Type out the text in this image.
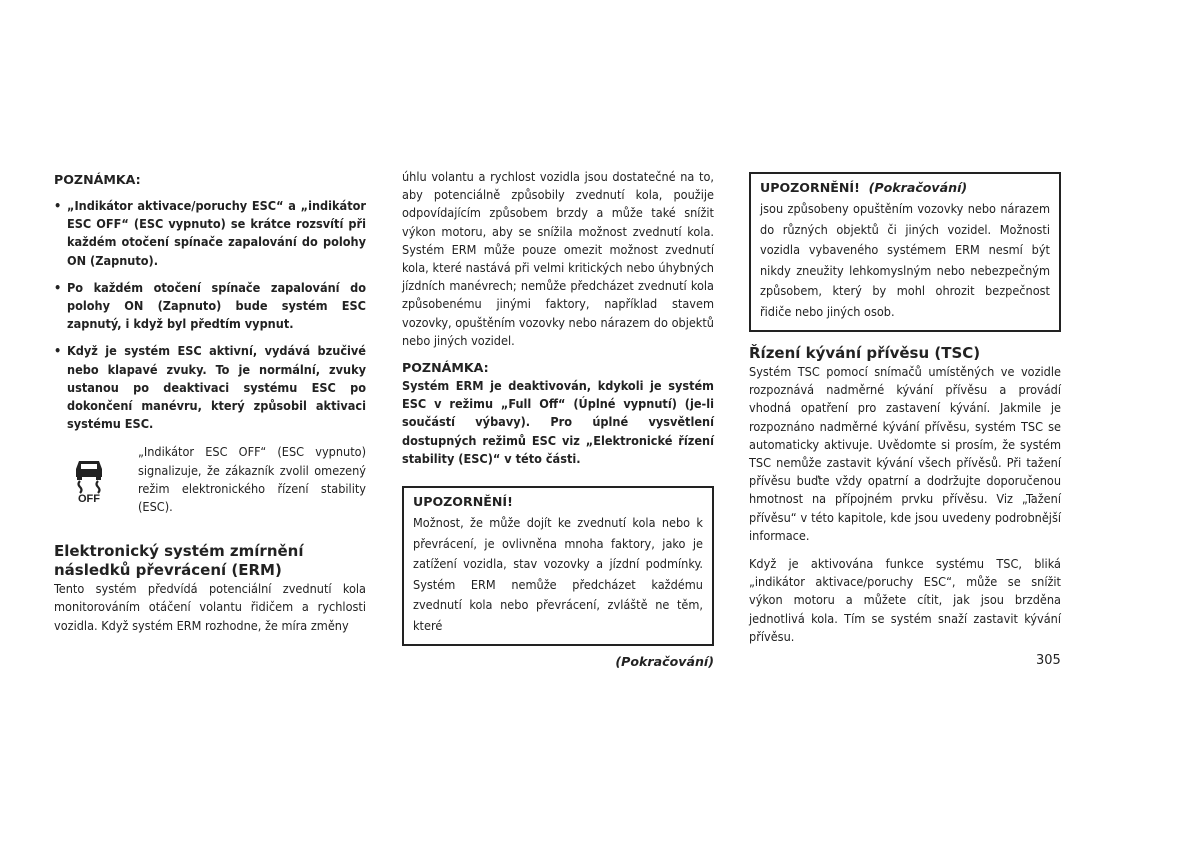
POZNÁMKA:
• „Indikátor aktivace/poruchy ESC“ a „indikátor ESC OFF“ (ESC vypnuto) se krátce rozsvítí při každém otočení spínače zapalování do polohy ON (Zapnuto).
• Po každém otočení spínače zapalování do polohy ON (Zapnuto) bude systém ESC zapnutý, i když byl předtím vypnut.
• Když je systém ESC aktivní, vydává bzučivé nebo klapavé zvuky. To je normální, zvuky ustanou po deaktivaci systému ESC po dokončení manévru, který způsobil aktivaci systému ESC.
OFF
„Indikátor ESC OFF“ (ESC vypnuto) signalizuje, že zákazník zvolil omezený režim elektronického řízení stability (ESC).
Elektronický systém zmírnění následků převrácení (ERM)
Tento systém předvídá potenciální zvednutí kola monitorováním otáčení volantu řidičem a rychlosti vozidla. Když systém ERM rozhodne, že míra změny
úhlu volantu a rychlost vozidla jsou dostatečné na to, aby potenciálně způsobily zvednutí kola, použije odpovídajícím způsobem brzdy a může také snížit výkon motoru, aby se snížila možnost zvednutí kola. Systém ERM může pouze omezit možnost zvednutí kola, které nastává při velmi kritických nebo úhybných jízdních manévrech; nemůže předcházet zvednutí kola způsobenému jinými faktory, například stavem vozovky, opuštěním vozovky nebo nárazem do objektů nebo jiných vozidel.
POZNÁMKA:
Systém ERM je deaktivován, kdykoli je systém ESC v režimu „Full Off“ (Úplné vypnutí) (je-li součástí výbavy). Pro úplné vysvětlení dostupných režimů ESC viz „Elektronické řízení stability (ESC)“ v této části.
UPOZORNĚNÍ!
Možnost, že může dojít ke zvednutí kola nebo k převrácení, je ovlivněna mnoha faktory, jako je zatížení vozidla, stav vozovky a jízdní podmínky. Systém ERM nemůže předcházet každému zvednutí kola nebo převrácení, zvláště ne těm, které
(Pokračování)
UPOZORNĚNÍ! (Pokračování)
jsou způsobeny opuštěním vozovky nebo nárazem do různých objektů či jiných vozidel. Možnosti vozidla vybaveného systémem ERM nesmí být nikdy zneužity lehkomyslným nebo nebezpečným způsobem, který by mohl ohrozit bezpečnost řidiče nebo jiných osob.
Řízení kývání přívěsu (TSC)
Systém TSC pomocí snímačů umístěných ve vozidle rozpoznává nadměrné kývání přívěsu a provádí vhodná opatření pro zastavení kývání. Jakmile je rozpoznáno nadměrné kývání přívěsu, systém TSC se automaticky aktivuje. Uvědomte si prosím, že systém TSC nemůže zastavit kývání všech přívěsů. Při tažení přívěsu buďte vždy opatrní a dodržujte doporučenou hmotnost na přípojném prvku přívěsu. Viz „Tažení přívěsu“ v této kapitole, kde jsou uvedeny podrobnější informace.
Když je aktivována funkce systému TSC, bliká „indikátor aktivace/poruchy ESC“, může se snížit výkon motoru a můžete cítit, jak jsou brzděna jednotlivá kola. Tím se systém snaží zastavit kývání přívěsu.
305
